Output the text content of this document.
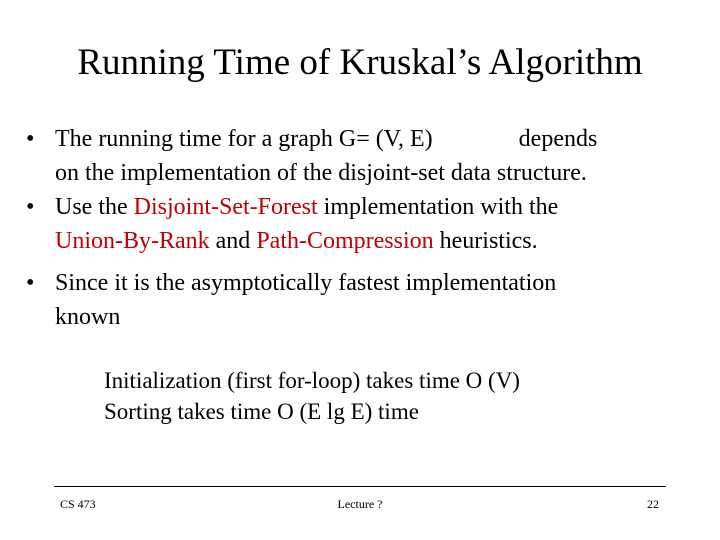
Running Time of Kruskal’s Algorithm
• The running time for a graph G= (V, E)	depends
on the implementation of the disjoint-set data structure.
• Use the Disjoint-Set-Forest implementation with the
Union-By-Rank and Path-Compression heuristics.
• Since it is the asymptotically fastest implementation
known
Initialization (first for-loop) takes time O (V)
Sorting takes time O (E lg E) time
CS 473	Lecture ?	22
